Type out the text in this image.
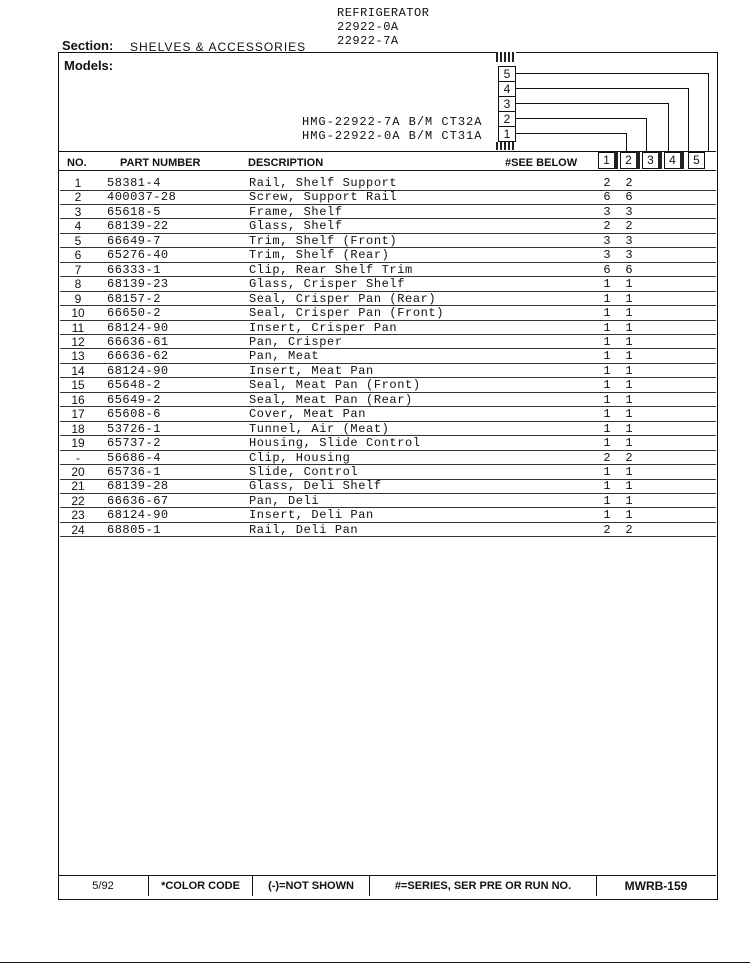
REFRIGERATOR
22922-0A
Section: SHELVES & ACCESSORIES	22922-7A
Models:
5
4
3
2
1
HMG-22922-7A B/M CT32A
HMG-22922-0A B/M CT31A
NO.	PART NUMBER	DESCRIPTION	#SEE BELOW	1	2	3	4	5
1	58381-4	Rail, Shelf Support	2 2
2	400037-28	Screw, Support Rail	6 6
3	65618-5	Frame, Shelf	3 3
4	68139-22	Glass, Shelf	2 2
5	66649-7	Trim, Shelf (Front)	3 3
6	65276-40	Trim, Shelf (Rear)	3 3
7	66333-1	Clip, Rear Shelf Trim	6 6
8	68139-23	Glass, Crisper Shelf	1 1
9	68157-2	Seal, Crisper Pan (Rear)	1 1
10	66650-2	Seal, Crisper Pan (Front)	1 1
11	68124-90	Insert, Crisper Pan	1 1
12	66636-61	Pan, Crisper	1 1
13	66636-62	Pan, Meat	1 1
14	68124-90	Insert, Meat Pan	1 1
15	65648-2	Seal, Meat Pan (Front)	1 1
16	65649-2	Seal, Meat Pan (Rear)	1 1
17	65608-6	Cover, Meat Pan	1 1
18	53726-1	Tunnel, Air (Meat)	1 1
19	65737-2	Housing, Slide Control	1 1
-	56686-4	Clip, Housing	2 2
20	65736-1	Slide, Control	1 1
21	68139-28	Glass, Deli Shelf	1 1
22	66636-67	Pan, Deli	1 1
23	68124-90	Insert, Deli Pan	1 1
24	68805-1	Rail, Deli Pan	2 2
5/92	*COLOR CODE	(-)=NOT SHOWN	#=SERIES, SER PRE OR RUN NO.	MWRB-159
